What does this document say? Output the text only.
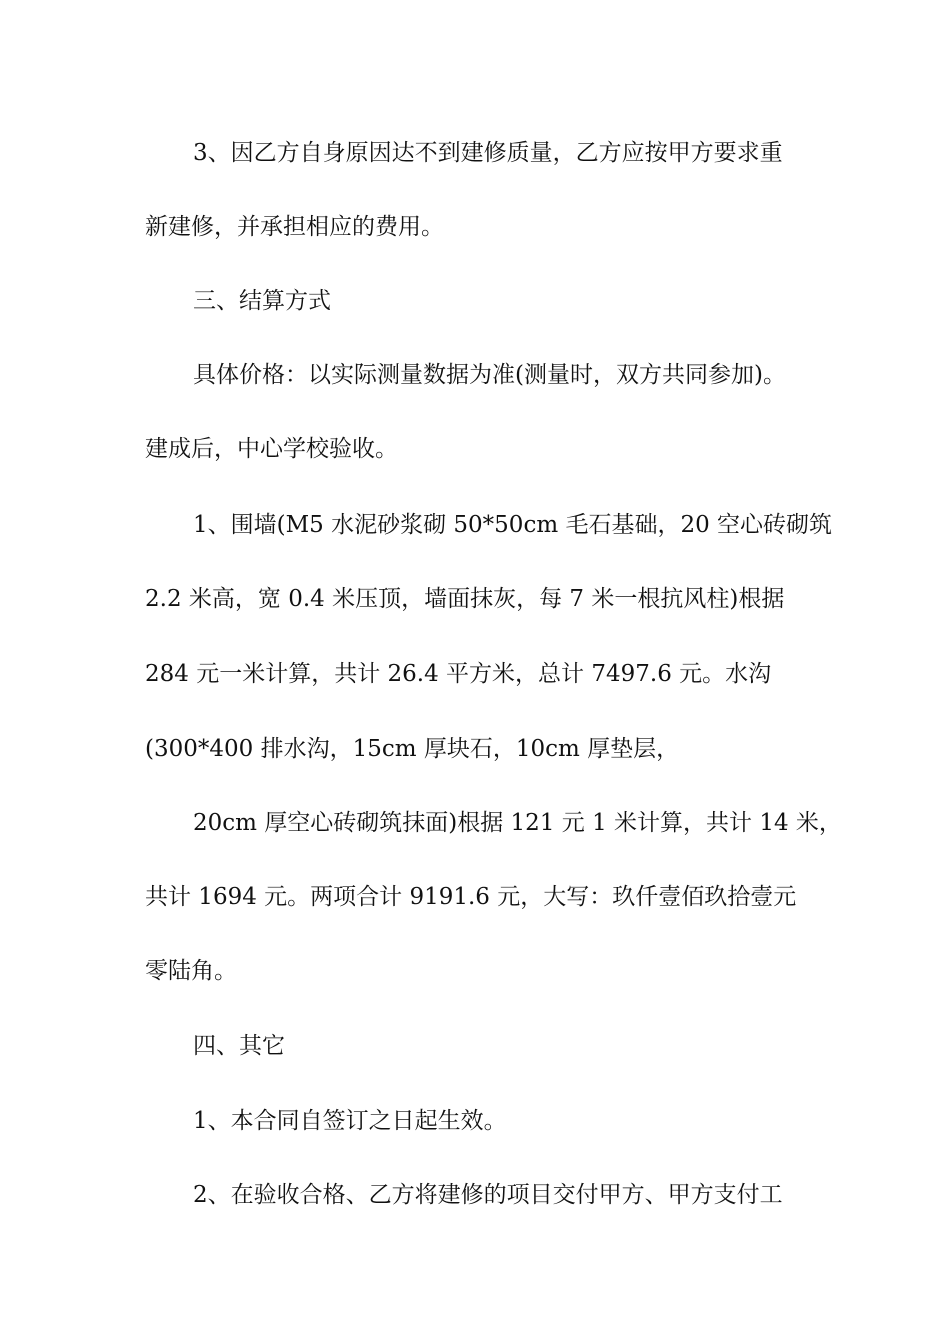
3、因乙方自身原因达不到建修质量，乙方应按甲方要求重
新建修，并承担相应的费用。
三、结算方式
具体价格：以实际测量数据为准(测量时，双方共同参加)。
建成后，中心学校验收。
1、围墙(M5 水泥砂浆砌 50*50cm 毛石基础，20 空心砖砌筑
2.2 米高，宽 0.4 米压顶，墙面抹灰，每 7 米一根抗风柱)根据
284 元一米计算，共计 26.4 平方米，总计 7497.6 元。水沟
(300*400 排水沟，15cm 厚块石，10cm 厚垫层，
20cm 厚空心砖砌筑抹面)根据 121 元 1 米计算，共计 14 米，
共计 1694 元。两项合计 9191.6 元，大写：玖仟壹佰玖拾壹元
零陆角。
四、其它
1、本合同自签订之日起生效。
2、在验收合格、乙方将建修的项目交付甲方、甲方支付工
